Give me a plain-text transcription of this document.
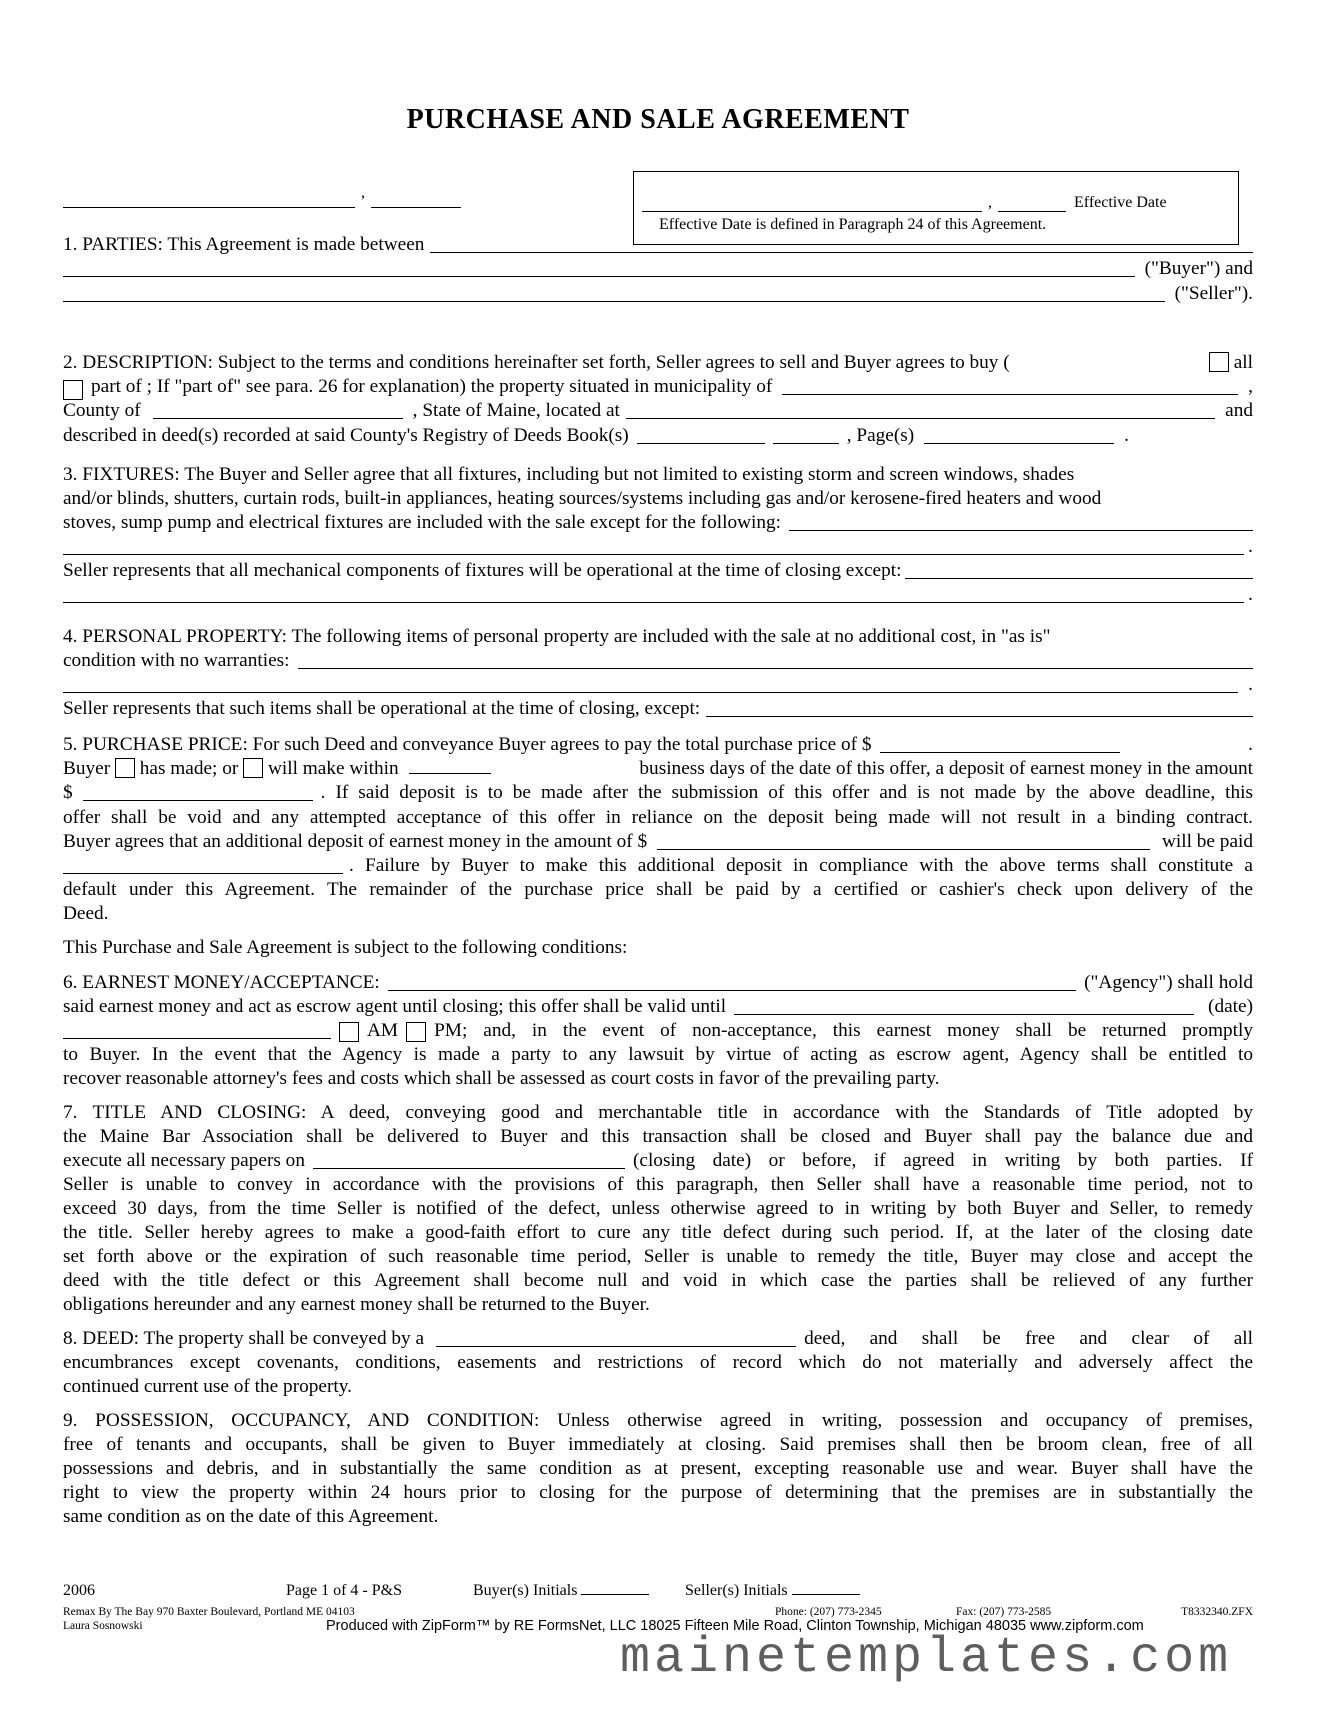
PURCHASE AND SALE AGREEMENT
,
,	Effective Date
Effective Date is defined in Paragraph 24 of this Agreement.
1. PARTIES: This Agreement is made between
("Buyer") and
("Seller").
2. DESCRIPTION: Subject to the terms and conditions hereinafter set forth, Seller agrees to sell and Buyer agrees to buy (	all
part of ; If "part of" see para. 26 for explanation) the property situated in municipality of	,
County of	, State of Maine, located at	and
described in deed(s) recorded at said County's Registry of Deeds Book(s)	, Page(s)	.
3. FIXTURES: The Buyer and Seller agree that all fixtures, including but not limited to existing storm and screen windows, shades
and/or blinds, shutters, curtain rods, built-in appliances, heating sources/systems including gas and/or kerosene-fired heaters and wood
stoves, sump pump and electrical fixtures are included with the sale except for the following:
.
Seller represents that all mechanical components of fixtures will be operational at the time of closing except:
.
4. PERSONAL PROPERTY: The following items of personal property are included with the sale at no additional cost, in "as is"
condition with no warranties:
.
Seller represents that such items shall be operational at the time of closing, except:
5. PURCHASE PRICE: For such Deed and conveyance Buyer agrees to pay the total purchase price of $	.
Buyer has made; or will make within	business days of the date of this offer, a deposit of earnest money in the amount
$	. If said deposit is to be made after the submission of this offer and is not made by the above deadline, this
offer shall be void and any attempted acceptance of this offer in reliance on the deposit being made will not result in a binding contract.
Buyer agrees that an additional deposit of earnest money in the amount of $	will be paid
. Failure by Buyer to make this additional deposit in compliance with the above terms shall constitute a
default under this Agreement. The remainder of the purchase price shall be paid by a certified or cashier's check upon delivery of the
Deed.
This Purchase and Sale Agreement is subject to the following conditions:
6. EARNEST MONEY/ACCEPTANCE:	("Agency") shall hold
said earnest money and act as escrow agent until closing; this offer shall be valid until	(date)
AM PM; and, in the event of non-acceptance, this earnest money shall be returned promptly
to Buyer. In the event that the Agency is made a party to any lawsuit by virtue of acting as escrow agent, Agency shall be entitled to
recover reasonable attorney's fees and costs which shall be assessed as court costs in favor of the prevailing party.
7. TITLE AND CLOSING: A deed, conveying good and merchantable title in accordance with the Standards of Title adopted by
the Maine Bar Association shall be delivered to Buyer and this transaction shall be closed and Buyer shall pay the balance due and
execute all necessary papers on	(closing date) or before, if agreed in writing by both parties. If
Seller is unable to convey in accordance with the provisions of this paragraph, then Seller shall have a reasonable time period, not to
exceed 30 days, from the time Seller is notified of the defect, unless otherwise agreed to in writing by both Buyer and Seller, to remedy
the title. Seller hereby agrees to make a good-faith effort to cure any title defect during such period. If, at the later of the closing date
set forth above or the expiration of such reasonable time period, Seller is unable to remedy the title, Buyer may close and accept the
deed with the title defect or this Agreement shall become null and void in which case the parties shall be relieved of any further
obligations hereunder and any earnest money shall be returned to the Buyer.
8. DEED: The property shall be conveyed by a	deed, and shall be free and clear of all
encumbrances except covenants, conditions, easements and restrictions of record which do not materially and adversely affect the
continued current use of the property.
9. POSSESSION, OCCUPANCY, AND CONDITION: Unless otherwise agreed in writing, possession and occupancy of premises,
free of tenants and occupants, shall be given to Buyer immediately at closing. Said premises shall then be broom clean, free of all
possessions and debris, and in substantially the same condition as at present, excepting reasonable use and wear. Buyer shall have the
right to view the property within 24 hours prior to closing for the purpose of determining that the premises are in substantially the
same condition as on the date of this Agreement.
2006	Page 1 of 4 - P&S	Buyer(s) Initials	Seller(s) Initials
Remax By The Bay 970 Baxter Boulevard, Portland ME 04103	Phone: (207) 773-2345	Fax: (207) 773-2585	T8332340.ZFX
Laura Sosnowski	Produced with ZipForm™ by RE FormsNet, LLC 18025 Fifteen Mile Road, Clinton Township, Michigan 48035 www.zipform.com
mainetemplates.com
